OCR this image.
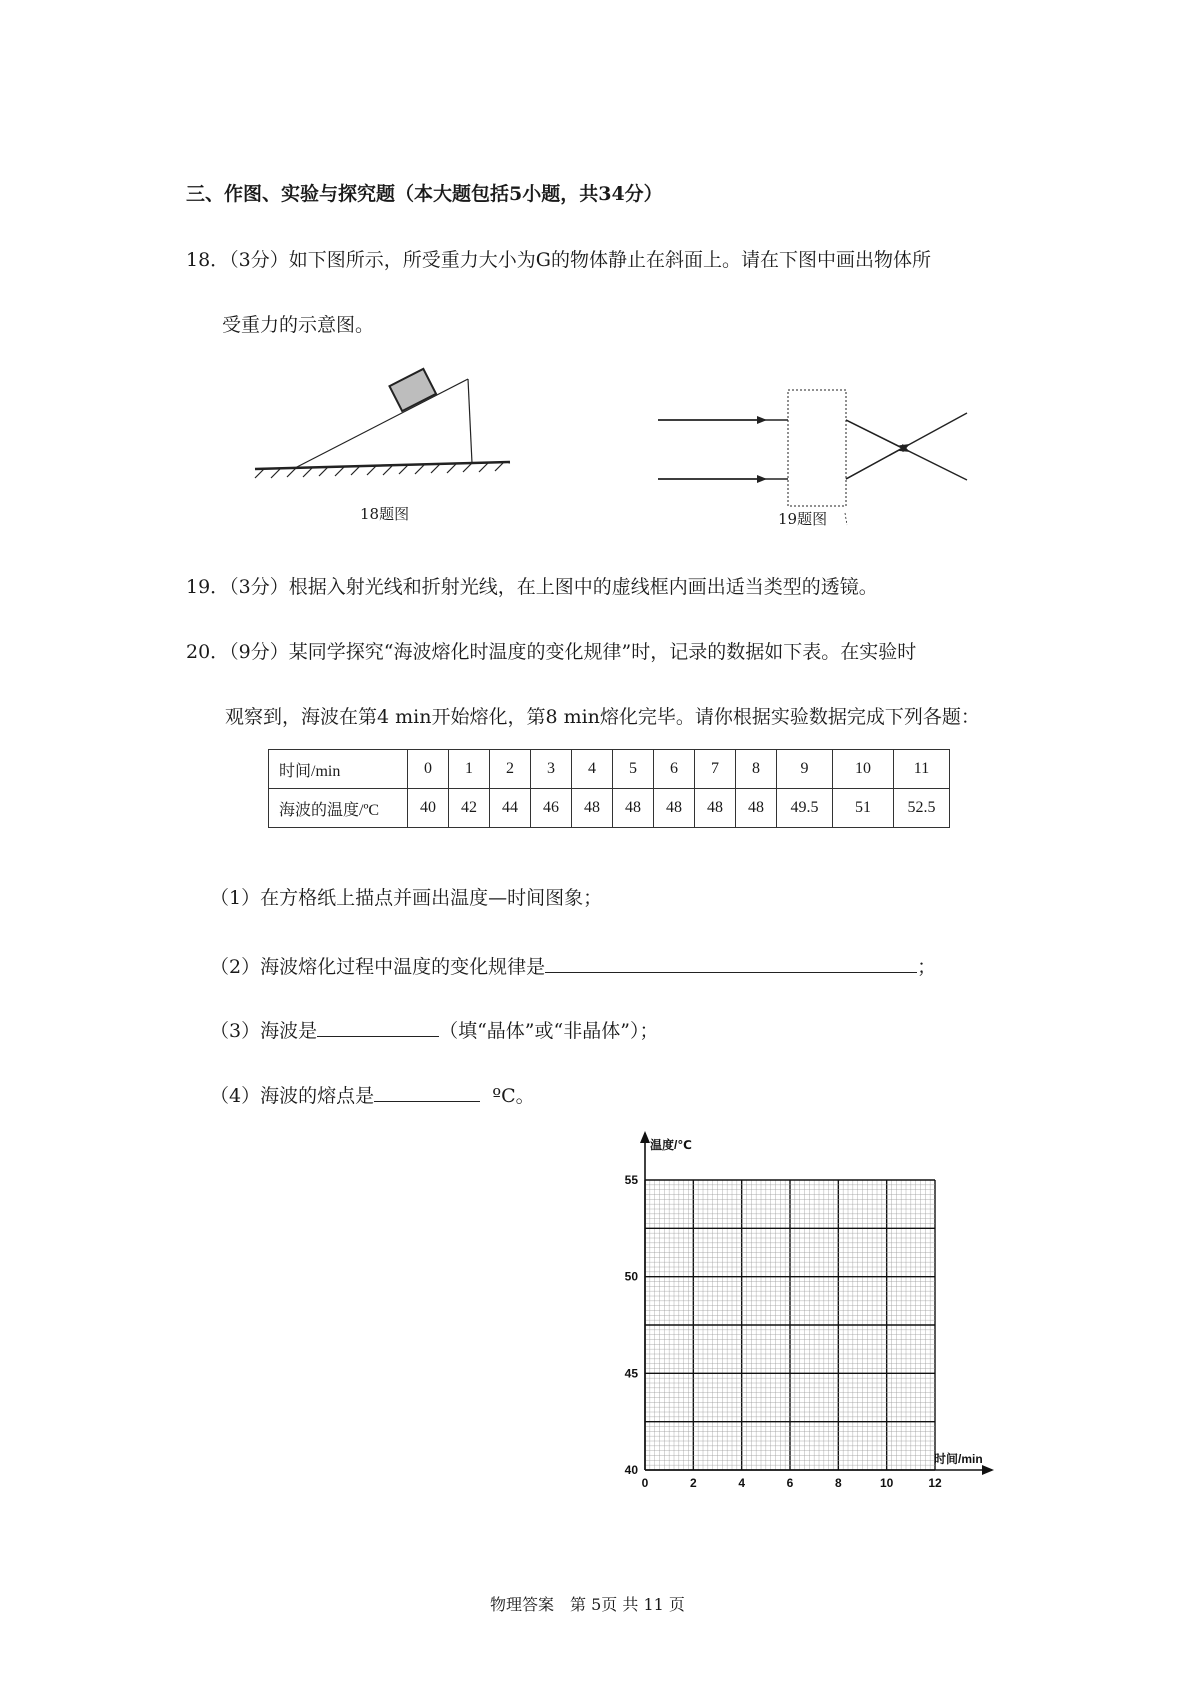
三、作图、实验与探究题（本大题包括5小题，共34分）
18．（3分）如下图所示，所受重力大小为G的物体静止在斜面上。请在下图中画出物体所
受重力的示意图。
18题图	19题图
19．（3分）根据入射光线和折射光线，在上图中的虚线框内画出适当类型的透镜。
20．（9分）某同学探究“海波熔化时温度的变化规律”时，记录的数据如下表。在实验时
观察到，海波在第4 min开始熔化，第8 min熔化完毕。请你根据实验数据完成下列各题：
时间/min	0	1	2	3	4	5	6	7	8	9	10	11
海波的温度/ºC	40	42	44	46	48	48	48	48	48	49.5	51	52.5
（1）在方格纸上描点并画出温度—时间图象；
（2）海波熔化过程中温度的变化规律是	；
（3）海波是	（填“晶体”或“非晶体”）；
（4）海波的熔点是	ºC。
温度/℃
时间/min
55
50
45
40
0	2	4	6	8	10	12
物理答案　第 5页 共 11 页
